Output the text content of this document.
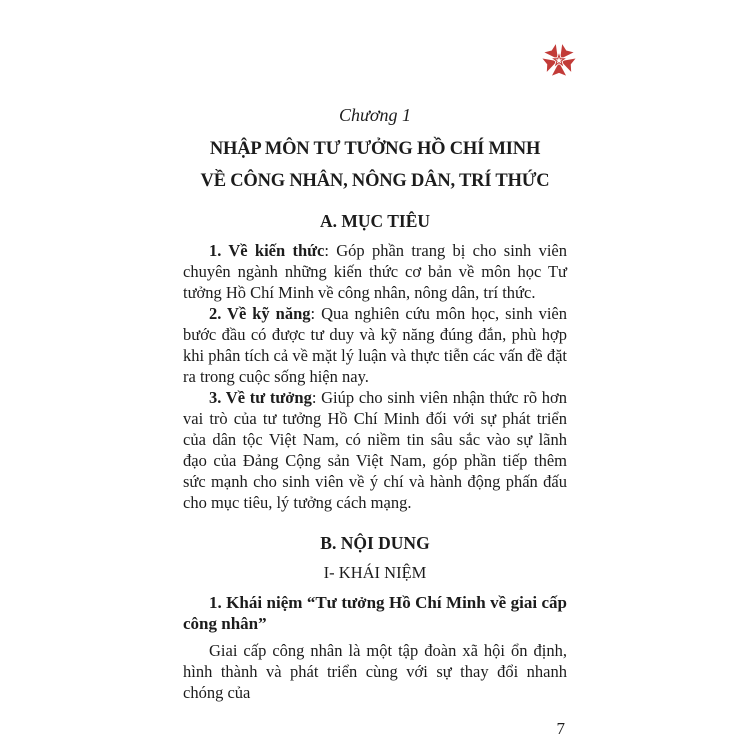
Chương 1
NHẬP MÔN TƯ TƯỞNG HỒ CHÍ MINH
VỀ CÔNG NHÂN, NÔNG DÂN, TRÍ THỨC
A. MỤC TIÊU

1. Về kiến thức: Góp phần trang bị cho sinh viên chuyên ngành những kiến thức cơ bản về môn học Tư tưởng Hồ Chí Minh về công nhân, nông dân, trí thức.

2. Về kỹ năng: Qua nghiên cứu môn học, sinh viên bước đầu có được tư duy và kỹ năng đúng đắn, phù hợp khi phân tích cả về mặt lý luận và thực tiễn các vấn đề đặt ra trong cuộc sống hiện nay.

3. Về tư tưởng: Giúp cho sinh viên nhận thức rõ hơn vai trò của tư tưởng Hồ Chí Minh đối với sự phát triển của dân tộc Việt Nam, có niềm tin sâu sắc vào sự lãnh đạo của Đảng Cộng sản Việt Nam, góp phần tiếp thêm sức mạnh cho sinh viên về ý chí và hành động phấn đấu cho mục tiêu, lý tưởng cách mạng.

B. NỘI DUNG
I- KHÁI NIỆM

1. Khái niệm “Tư tưởng Hồ Chí Minh về giai cấp công nhân”

Giai cấp công nhân là một tập đoàn xã hội ổn định, hình thành và phát triển cùng với sự thay đổi nhanh chóng của

7
